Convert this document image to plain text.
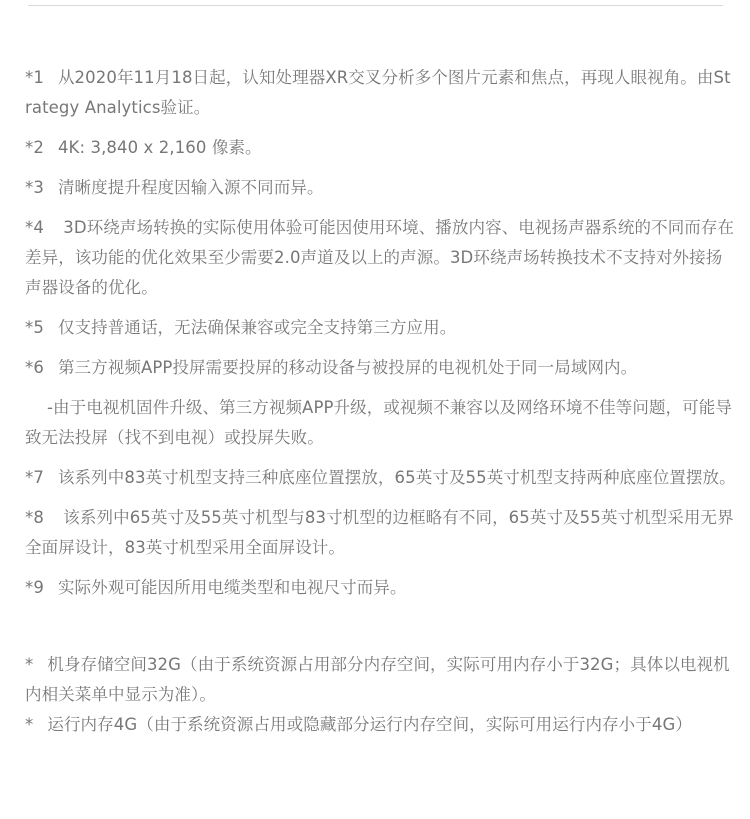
*1 从2020年11月18日起，认知处理器XR交叉分析多个图片元素和焦点，再现人眼视角。由Strategy Analytics验证。

*2 4K: 3,840 x 2,160 像素。

*3 清晰度提升程度因输入源不同而异。

*4 3D环绕声场转换的实际使用体验可能因使用环境、播放内容、电视扬声器系统的不同而存在差异，该功能的优化效果至少需要2.0声道及以上的声源。3D环绕声场转换技术不支持对外接扬声器设备的优化。

*5 仅支持普通话，无法确保兼容或完全支持第三方应用。

*6 第三方视频APP投屏需要投屏的移动设备与被投屏的电视机处于同一局域网内。

-由于电视机固件升级、第三方视频APP升级，或视频不兼容以及网络环境不佳等问题，可能导致无法投屏（找不到电视）或投屏失败。

*7 该系列中83英寸机型支持三种底座位置摆放，65英寸及55英寸机型支持两种底座位置摆放。

*8 该系列中65英寸及55英寸机型与83寸机型的边框略有不同，65英寸及55英寸机型采用无界全面屏设计，83英寸机型采用全面屏设计。

*9 实际外观可能因所用电缆类型和电视尺寸而异。

* 机身存储空间32G（由于系统资源占用部分内存空间，实际可用内存小于32G；具体以电视机内相关菜单中显示为准）。

* 运行内存4G（由于系统资源占用或隐藏部分运行内存空间，实际可用运行内存小于4G）
